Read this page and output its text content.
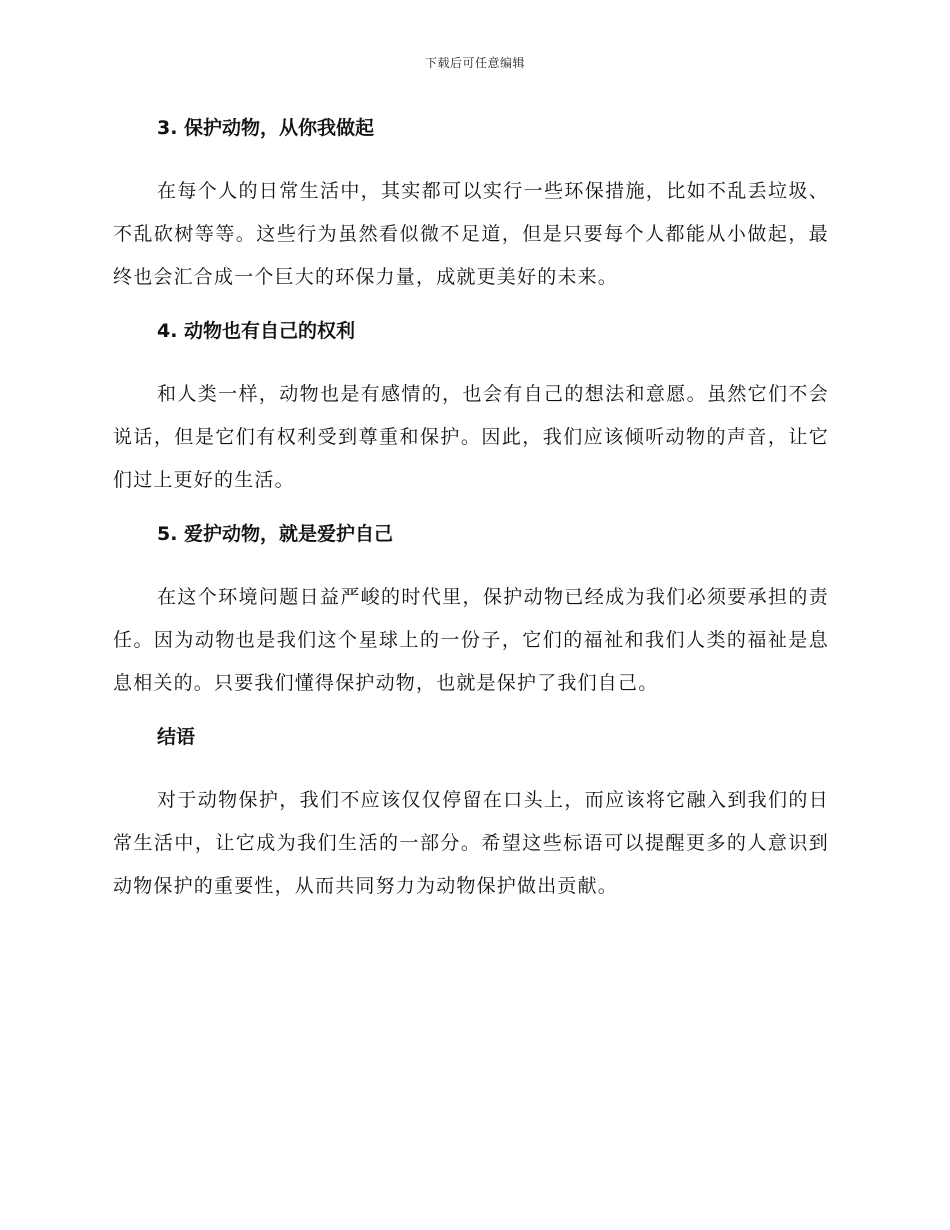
下载后可任意编辑
3. 保护动物，从你我做起

在每个人的日常生活中，其实都可以实行一些环保措施，比如不乱丢垃圾、不乱砍树等等。这些行为虽然看似微不足道，但是只要每个人都能从小做起，最终也会汇合成一个巨大的环保力量，成就更美好的未来。

4. 动物也有自己的权利

和人类一样，动物也是有感情的，也会有自己的想法和意愿。虽然它们不会说话，但是它们有权利受到尊重和保护。因此，我们应该倾听动物的声音，让它们过上更好的生活。

5. 爱护动物，就是爱护自己

在这个环境问题日益严峻的时代里，保护动物已经成为我们必须要承担的责任。因为动物也是我们这个星球上的一份子，它们的福祉和我们人类的福祉是息息相关的。只要我们懂得保护动物，也就是保护了我们自己。

结语

对于动物保护，我们不应该仅仅停留在口头上，而应该将它融入到我们的日常生活中，让它成为我们生活的一部分。希望这些标语可以提醒更多的人意识到动物保护的重要性，从而共同努力为动物保护做出贡献。
